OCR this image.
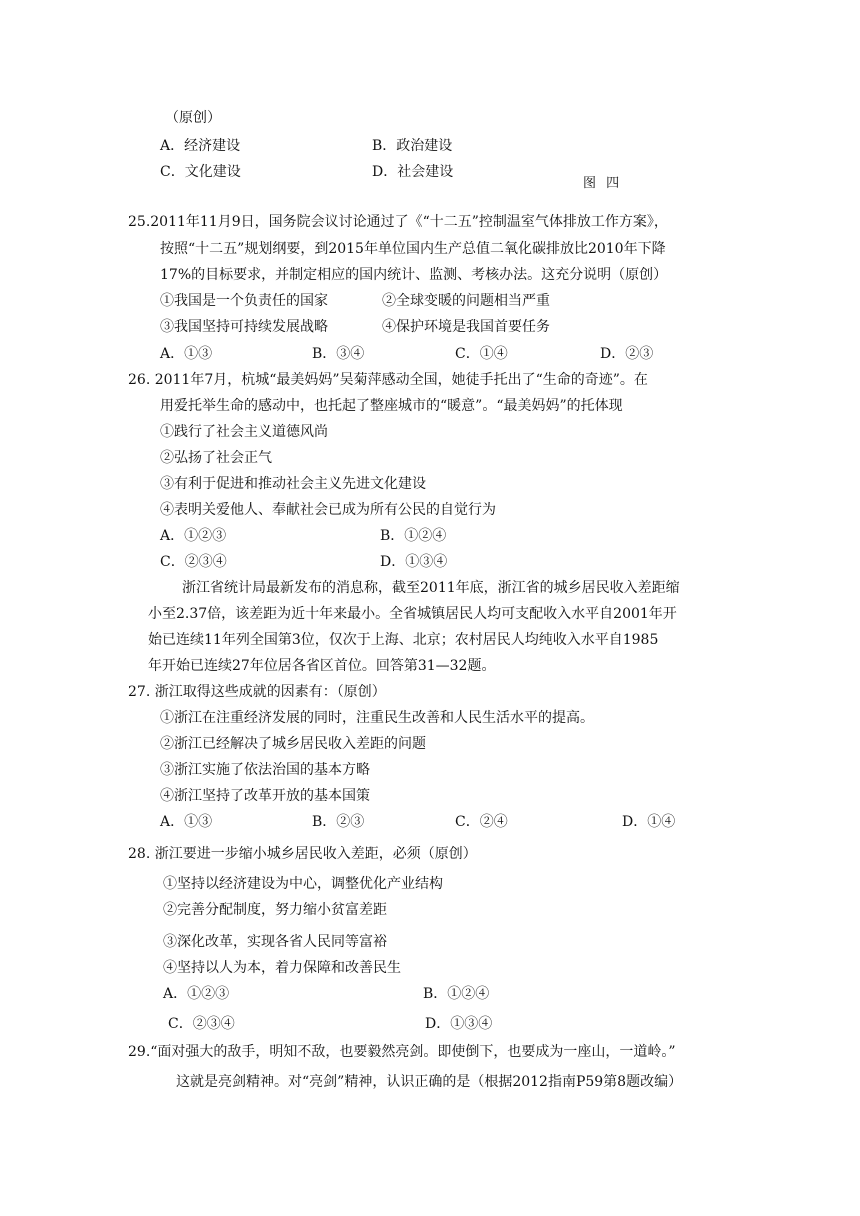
（原创）
A．经济建设	B．政治建设
C．文化建设	D．社会建设
图 四
25.2011年11月9日，国务院会议讨论通过了《“十二五”控制温室气体排放工作方案》，
按照“十二五”规划纲要，到2015年单位国内生产总值二氧化碳排放比2010年下降
17%的目标要求，并制定相应的国内统计、监测、考核办法。这充分说明（原创）
①我国是一个负责任的国家	②全球变暖的问题相当严重
③我国坚持可持续发展战略	④保护环境是我国首要任务
A．①③	B．③④	C．①④	D．②③
26. 2011年7月，杭城“最美妈妈”吴菊萍感动全国，她徒手托出了“生命的奇迹”。在
用爱托举生命的感动中，也托起了整座城市的“暖意”。“最美妈妈”的托体现
①践行了社会主义道德风尚
②弘扬了社会正气
③有利于促进和推动社会主义先进文化建设
④表明关爱他人、奉献社会已成为所有公民的自觉行为
A．①②③	B．①②④
C．②③④	D．①③④
浙江省统计局最新发布的消息称，截至2011年底，浙江省的城乡居民收入差距缩
小至2.37倍，该差距为近十年来最小。全省城镇居民人均可支配收入水平自2001年开
始已连续11年列全国第3位，仅次于上海、北京；农村居民人均纯收入水平自1985
年开始已连续27年位居各省区首位。回答第31—32题。
27. 浙江取得这些成就的因素有：（原创）
①浙江在注重经济发展的同时，注重民生改善和人民生活水平的提高。
②浙江已经解决了城乡居民收入差距的问题
③浙江实施了依法治国的基本方略
④浙江坚持了改革开放的基本国策
A．①③	B．②③	C．②④	D．①④
28. 浙江要进一步缩小城乡居民收入差距，必须（原创）
①坚持以经济建设为中心，调整优化产业结构
②完善分配制度，努力缩小贫富差距
③深化改革，实现各省人民同等富裕
④坚持以人为本，着力保障和改善民生
A．①②③	B．①②④
C．②③④	D．①③④
29.“面对强大的敌手，明知不敌，也要毅然亮剑。即使倒下，也要成为一座山，一道岭。”
这就是亮剑精神。对“亮剑”精神，认识正确的是（根据2012指南P59第8题改编）
